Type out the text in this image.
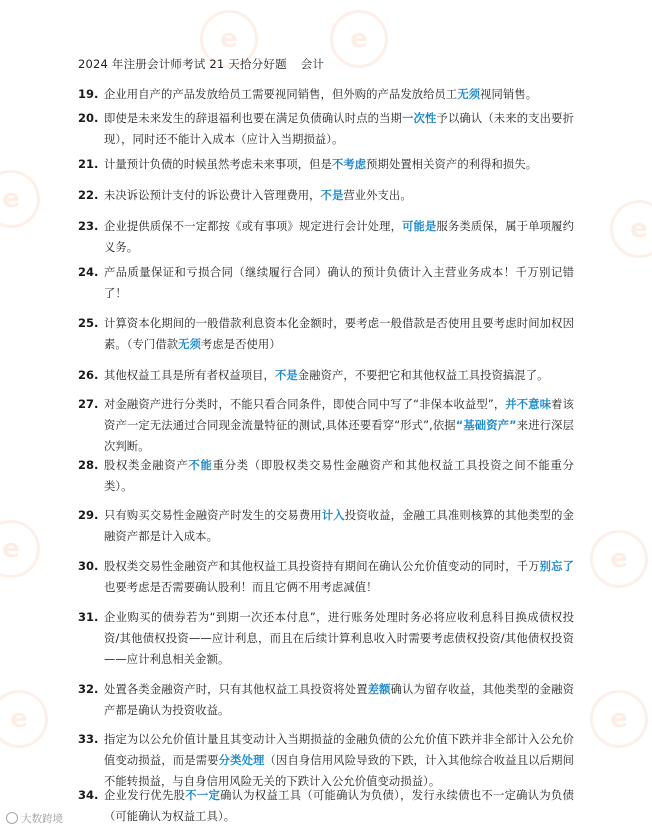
e	e
e
e
e	e
e	e
2024 年注册会计师考试 21 天拾分好题 会计
19. 企业用自产的产品发放给员工需要视同销售，但外购的产品发放给员工无须视同销售。
20. 即使是未来发生的辞退福利也要在满足负债确认时点的当期一次性予以确认（未来的支出要折现），同时还不能计入成本（应计入当期损益）。
21. 计量预计负债的时候虽然考虑未来事项，但是不考虑预期处置相关资产的利得和损失。
22. 未决诉讼预计支付的诉讼费计入管理费用，不是营业外支出。
23. 企业提供质保不一定都按《或有事项》规定进行会计处理，可能是服务类质保，属于单项履约义务。
24. 产品质量保证和亏损合同（继续履行合同）确认的预计负债计入主营业务成本！千万别记错了！
25. 计算资本化期间的一般借款利息资本化金额时，要考虑一般借款是否使用且要考虑时间加权因素。（专门借款无须考虑是否使用）
26. 其他权益工具是所有者权益项目，不是金融资产，不要把它和其他权益工具投资搞混了。
27. 对金融资产进行分类时，不能只看合同条件，即使合同中写了“非保本收益型”，并不意味着该资产一定无法通过合同现金流量特征的测试,具体还要看穿“形式”,依据“基础资产”来进行深层次判断。
28. 股权类金融资产不能重分类（即股权类交易性金融资产和其他权益工具投资之间不能重分类）。
29. 只有购买交易性金融资产时发生的交易费用计入投资收益，金融工具准则核算的其他类型的金融资产都是计入成本。
30. 股权类交易性金融资产和其他权益工具投资持有期间在确认公允价值变动的同时，千万别忘了也要考虑是否需要确认股利！而且它俩不用考虑减值！
31. 企业购买的债券若为“到期一次还本付息”，进行账务处理时务必将应收利息科目换成债权投资/其他债权投资——应计利息，而且在后续计算利息收入时需要考虑债权投资/其他债权投资——应计利息相关金额。
32. 处置各类金融资产时，只有其他权益工具投资将处置差额确认为留存收益，其他类型的金融资产都是确认为投资收益。
33. 指定为以公允价值计量且其变动计入当期损益的金融负债的公允价值下跌并非全部计入公允价值变动损益，而是需要分类处理（因自身信用风险导致的下跌，计入其他综合收益且以后期间不能转损益，与自身信用风险无关的下跌计入公允价值变动损益）。
34. 企业发行优先股不一定确认为权益工具（可能确认为负债），发行永续债也不一定确认为负债（可能确认为权益工具）。
大数跨境
